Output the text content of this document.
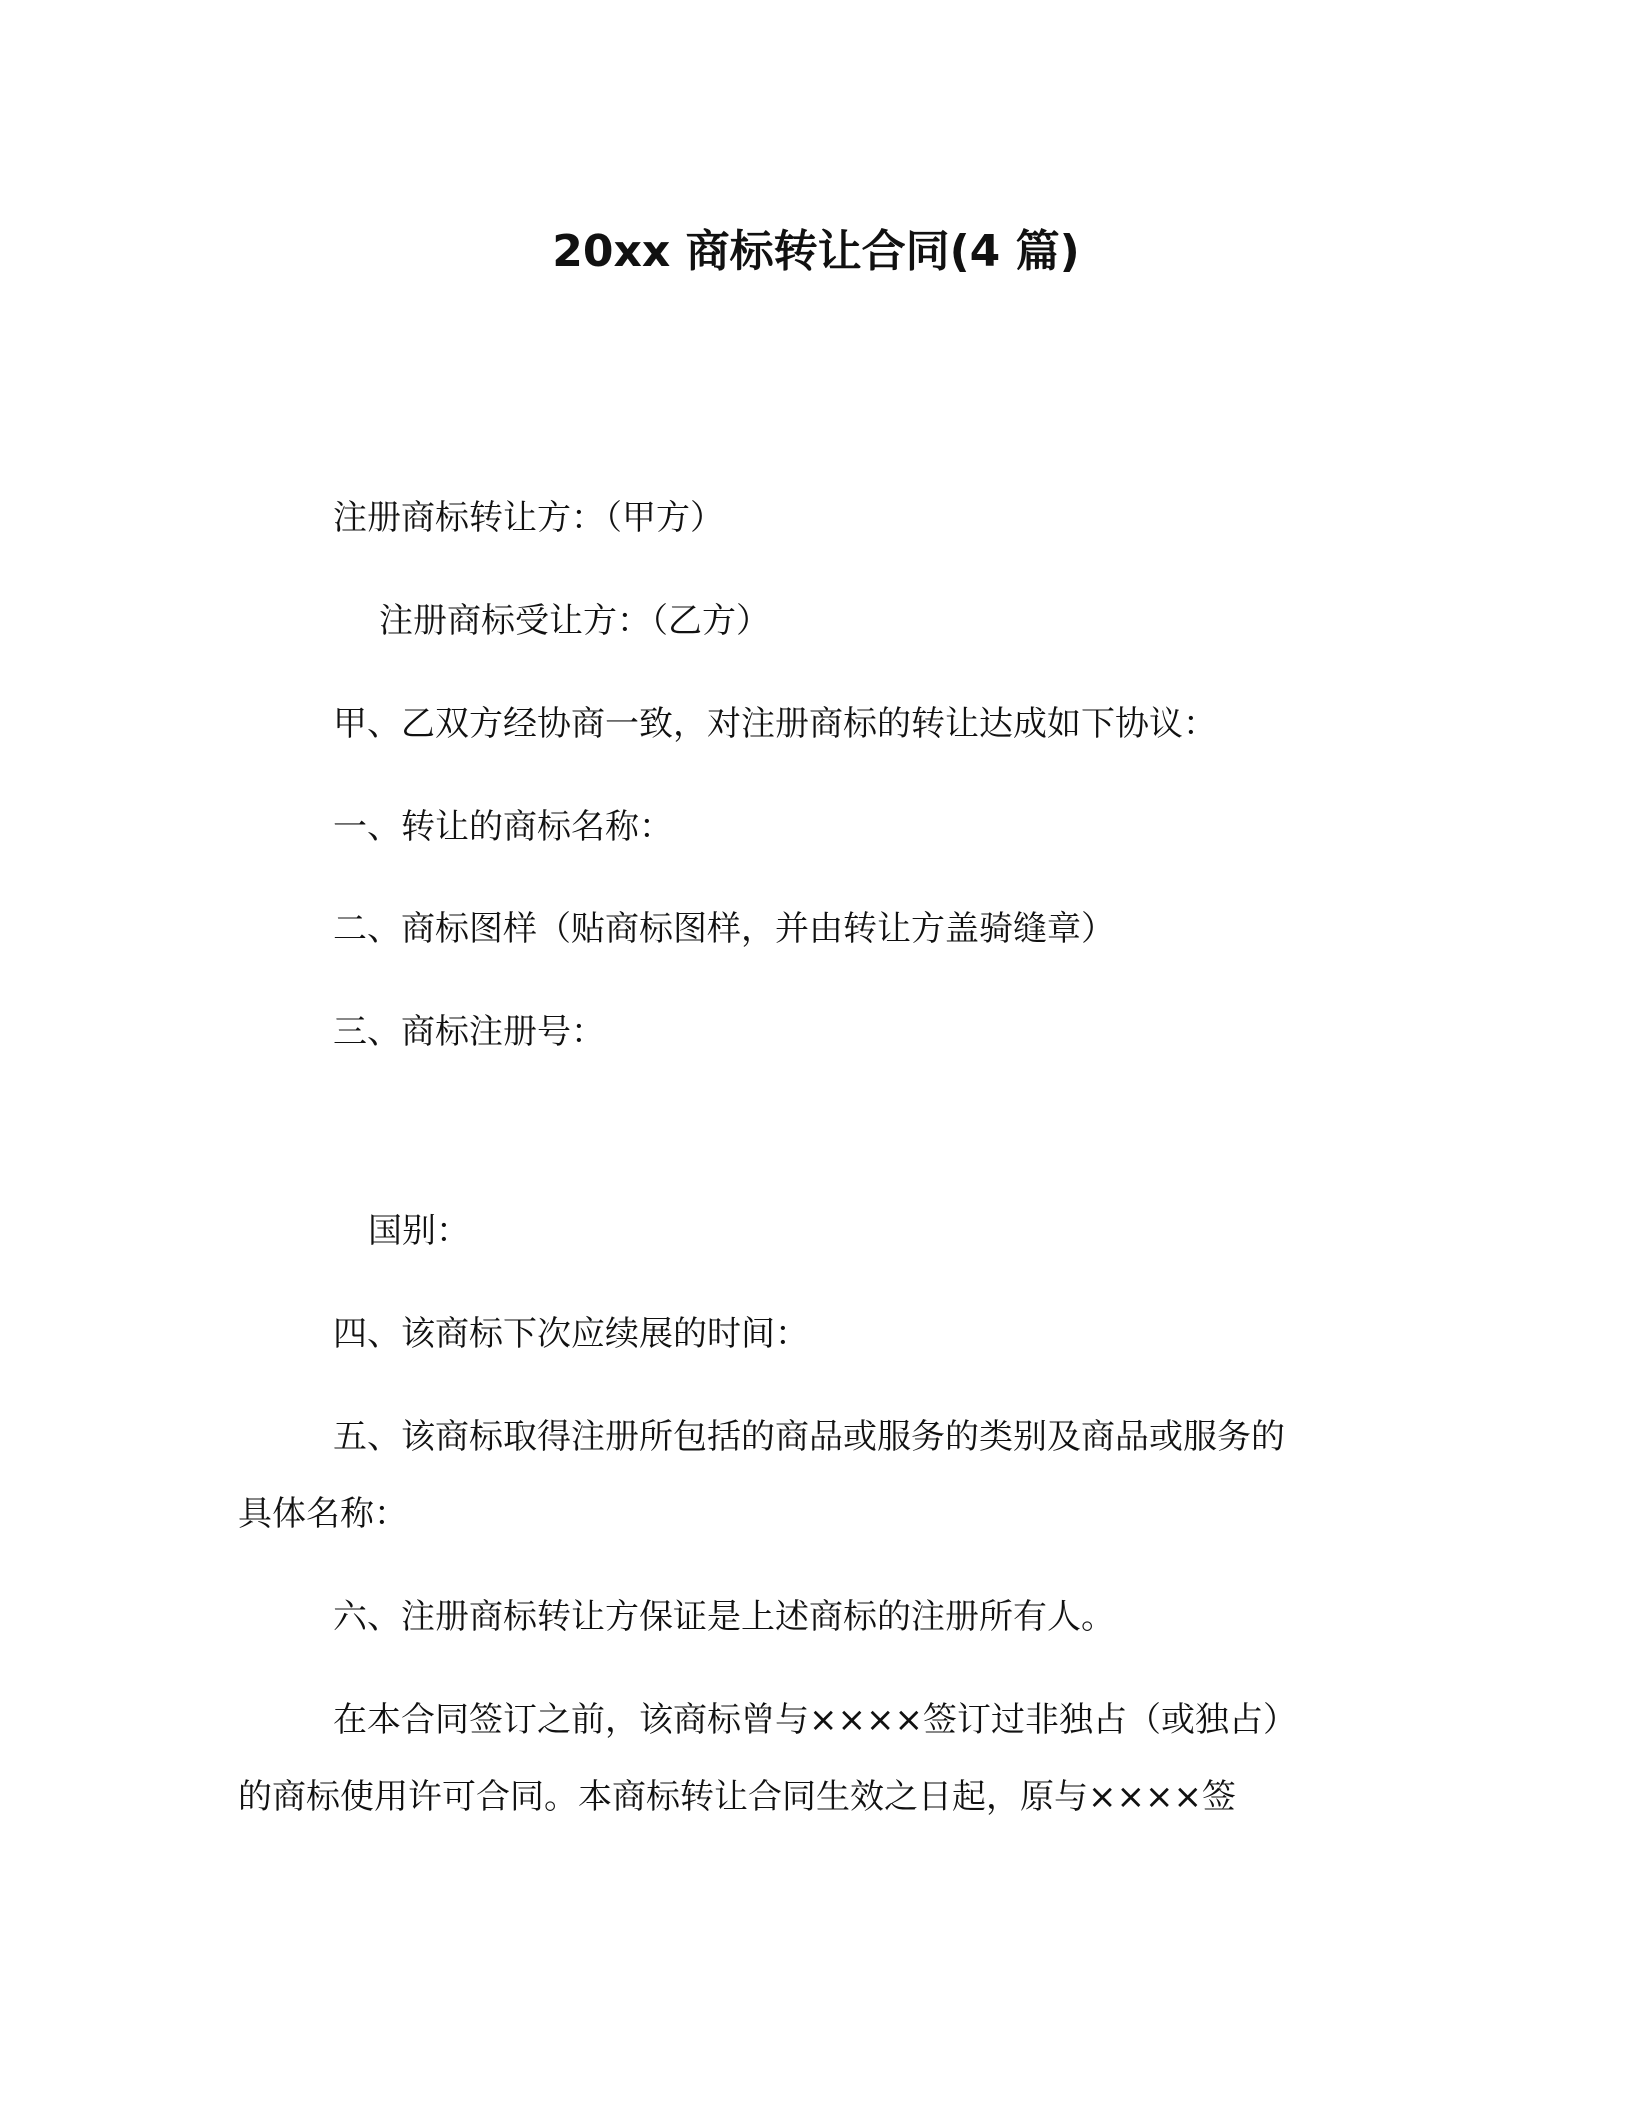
20xx 商标转让合同(4 篇)
注册商标转让方：（甲方）
注册商标受让方：（乙方）
甲、乙双方经协商一致，对注册商标的转让达成如下协议：
一、转让的商标名称：
二、商标图样（贴商标图样，并由转让方盖骑缝章）
三、商标注册号：
国别：
四、该商标下次应续展的时间：
五、该商标取得注册所包括的商品或服务的类别及商品或服务的
具体名称：
六、注册商标转让方保证是上述商标的注册所有人。
在本合同签订之前，该商标曾与××××签订过非独占（或独占）
的商标使用许可合同。本商标转让合同生效之日起，原与××××签
